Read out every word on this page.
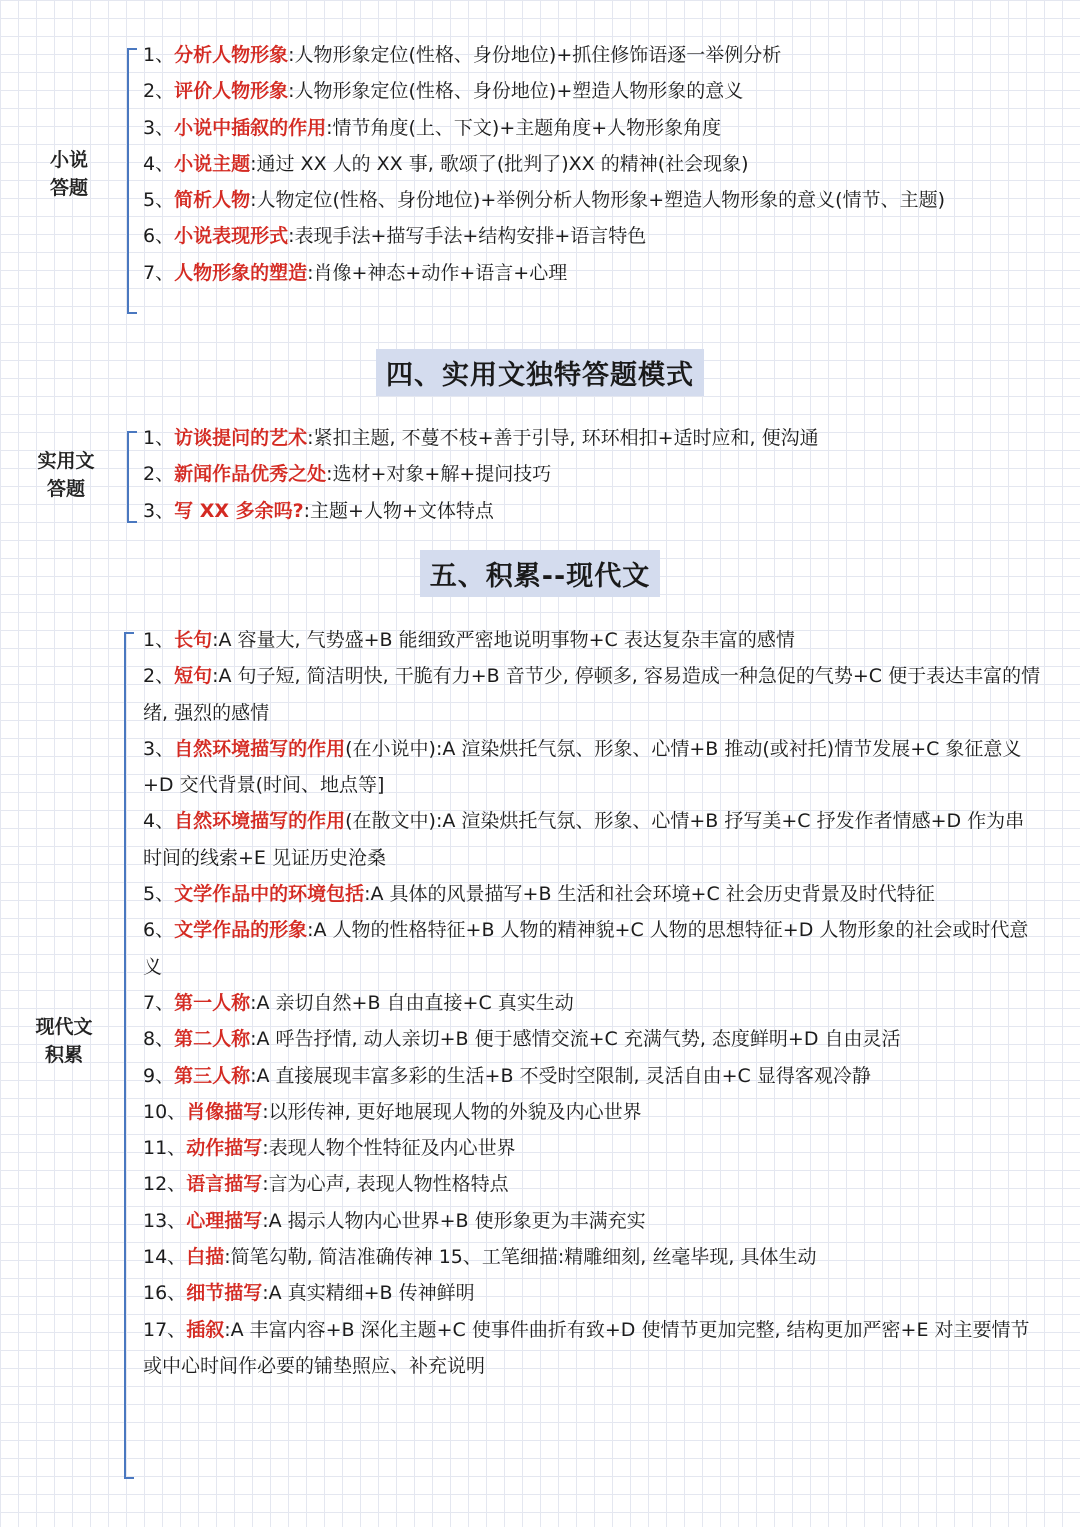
小说
答题
1、分析人物形象:人物形象定位(性格、身份地位)+抓住修饰语逐一举例分析
2、评价人物形象:人物形象定位(性格、身份地位)+塑造人物形象的意义
3、小说中插叙的作用:情节角度(上、下文)+主题角度+人物形象角度
4、小说主题:通过 XX 人的 XX 事, 歌颂了(批判了)XX 的精神(社会现象)
5、简析人物:人物定位(性格、身份地位)+举例分析人物形象+塑造人物形象的意义(情节、主题)
6、小说表现形式:表现手法+描写手法+结构安排+语言特色
7、人物形象的塑造:肖像+神态+动作+语言+心理
四、实用文独特答题模式
实用文
答题
1、访谈提问的艺术:紧扣主题, 不蔓不枝+善于引导, 环环相扣+适时应和, 便沟通
2、新闻作品优秀之处:选材+对象+解+提问技巧
3、写 XX 多余吗?:主题+人物+文体特点
五、积累--现代文
现代文
积累
1、长句:A 容量大, 气势盛+B 能细致严密地说明事物+C 表达复杂丰富的感情
2、短句:A 句子短, 简洁明快, 干脆有力+B 音节少, 停顿多, 容易造成一种急促的气势+C 便于表达丰富的情绪, 强烈的感情
3、自然环境描写的作用(在小说中):A 渲染烘托气氛、形象、心情+B 推动(或衬托)情节发展+C 象征意义+D 交代背景(时间、地点等]
4、自然环境描写的作用(在散文中):A 渲染烘托气氛、形象、心情+B 抒写美+C 抒发作者情感+D 作为串时间的线索+E 见证历史沧桑
5、文学作品中的环境包括:A 具体的风景描写+B 生活和社会环境+C 社会历史背景及时代特征
6、文学作品的形象:A 人物的性格特征+B 人物的精神貌+C 人物的思想特征+D 人物形象的社会或时代意义
7、第一人称:A 亲切自然+B 自由直接+C 真实生动
8、第二人称:A 呼告抒情, 动人亲切+B 便于感情交流+C 充满气势, 态度鲜明+D 自由灵活
9、第三人称:A 直接展现丰富多彩的生活+B 不受时空限制, 灵活自由+C 显得客观冷静
10、肖像描写:以形传神, 更好地展现人物的外貌及内心世界
11、动作描写:表现人物个性特征及内心世界
12、语言描写:言为心声, 表现人物性格特点
13、心理描写:A 揭示人物内心世界+B 使形象更为丰满充实
14、白描:简笔勾勒, 简洁准确传神 15、工笔细描:精雕细刻, 丝毫毕现, 具体生动
16、细节描写:A 真实精细+B 传神鲜明
17、插叙:A 丰富内容+B 深化主题+C 使事件曲折有致+D 使情节更加完整, 结构更加严密+E 对主要情节或中心时间作必要的铺垫照应、补充说明
